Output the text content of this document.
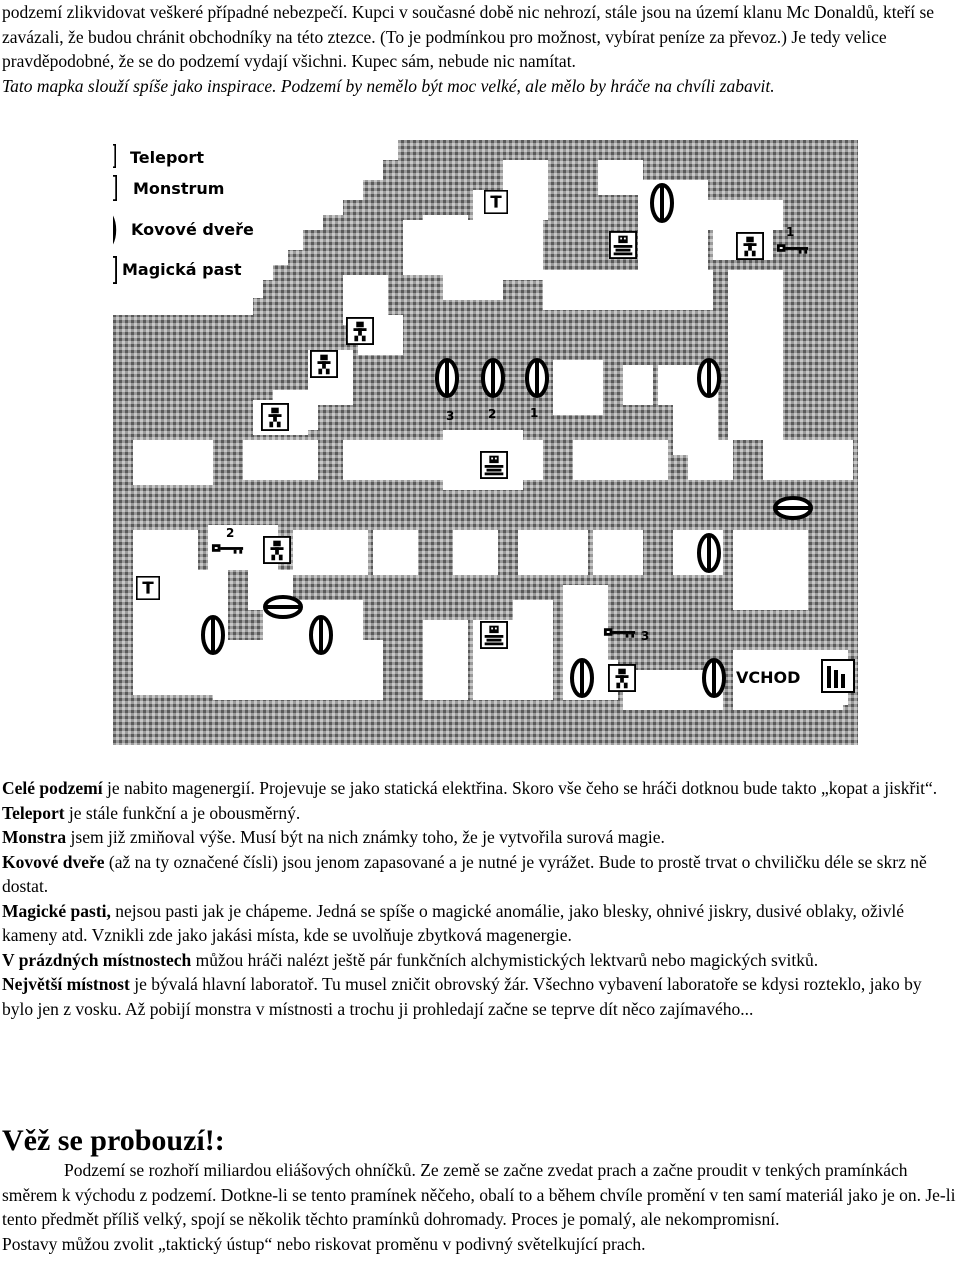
podzemí zlikvidovat veškeré případné nebezpečí. Kupci v současné době nic nehrozí, stále jsou na území klanu Mc Donaldů, kteří se zavázali, že budou chránit obchodníky na této ztezce. (To je podmínkou pro možnost, vybírat peníze za převoz.) Je tedy velice pravděpodobné, že se do podzemí vydají všichni. Kupec sám, nebude nic namítat.

Tato mapka slouží spíše jako inspirace. Podzemí by nemělo být moc velké, ale mělo by hráče na chvíli zabavit.

Teleport
Monstrum
Kovové dveře
Magická past
1
2
3
3	2	1
VCHOD

Celé podzemí je nabito magenergií. Projevuje se jako statická elektřina. Skoro vše čeho se hráči dotknou bude takto „kopat a jiskřit“.

Teleport je stále funkční a je obousměrný.

Monstra jsem již zmiňoval výše. Musí být na nich známky toho, že je vytvořila surová magie.

Kovové dveře (až na ty označené čísli) jsou jenom zapasované a je nutné je vyrážet. Bude to prostě trvat o chviličku déle se skrz ně dostat.

Magické pasti, nejsou pasti jak je chápeme. Jedná se spíše o magické anomálie, jako blesky, ohnivé jiskry, dusivé oblaky, oživlé kameny atd. Vznikli zde jako jakási místa, kde se uvolňuje zbytková magenergie.

V prázdných místnostech můžou hráči nalézt ještě pár funkčních alchymistických lektvarů nebo magických svitků.

Největší místnost je bývalá hlavní laboratoř. Tu musel zničit obrovský žár. Všechno vybavení laboratoře se kdysi rozteklo, jako by bylo jen z vosku. Až pobijí monstra v místnosti a trochu ji prohledají začne se teprve dít něco zajímavého...

Věž se probouzí!:

Podzemí se rozhoří miliardou eliášových ohníčků. Ze země se začne zvedat prach a začne proudit v tenkých pramínkách směrem k východu z podzemí. Dotkne-li se tento pramínek něčeho, obalí to a během chvíle promění v ten samí materiál jako je on. Je-li tento předmět příliš velký, spojí se několik těchto pramínků dohromady. Proces je pomalý, ale nekompromisní.

Postavy můžou zvolit „taktický ústup“ nebo riskovat proměnu v podivný světelkující prach.
